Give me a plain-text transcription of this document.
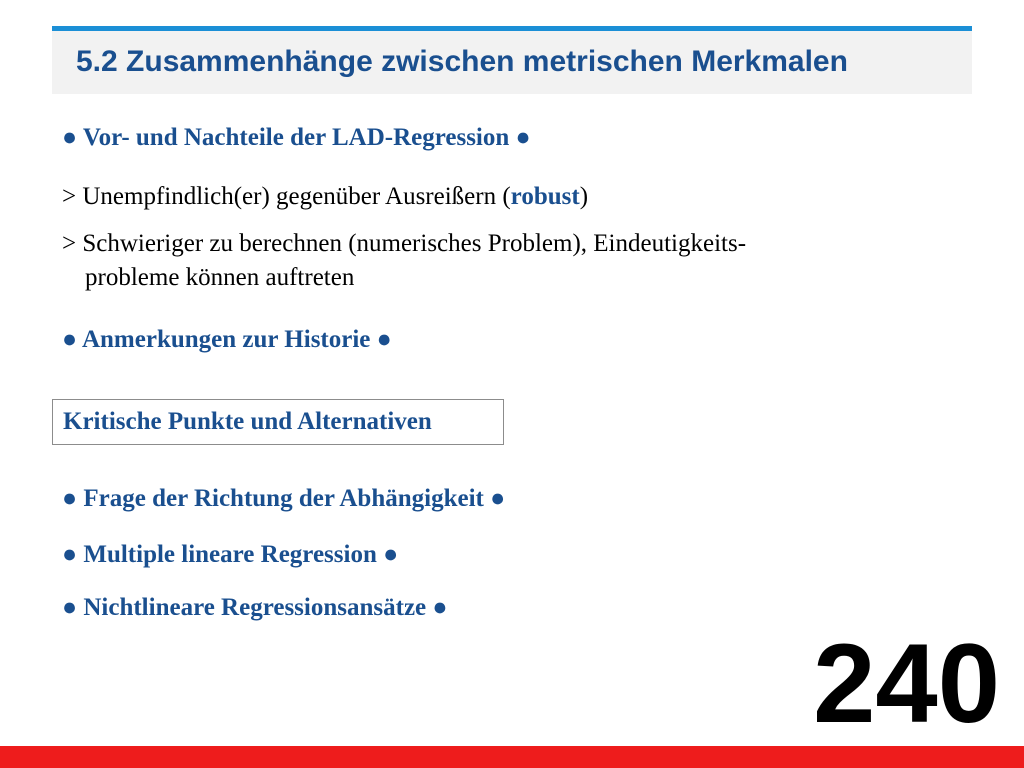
5.2 Zusammenhänge zwischen metrischen Merkmalen
● Vor- und Nachteile der LAD-Regression ●
> Unempfindlich(er) gegenüber Ausreißern (robust)
> Schwieriger zu berechnen (numerisches Problem), Eindeutigkeits-
probleme können auftreten
● Anmerkungen zur Historie ●
Kritische Punkte und Alternativen
● Frage der Richtung der Abhängigkeit ●
● Multiple lineare Regression ●
● Nichtlineare Regressionsansätze ●
240
